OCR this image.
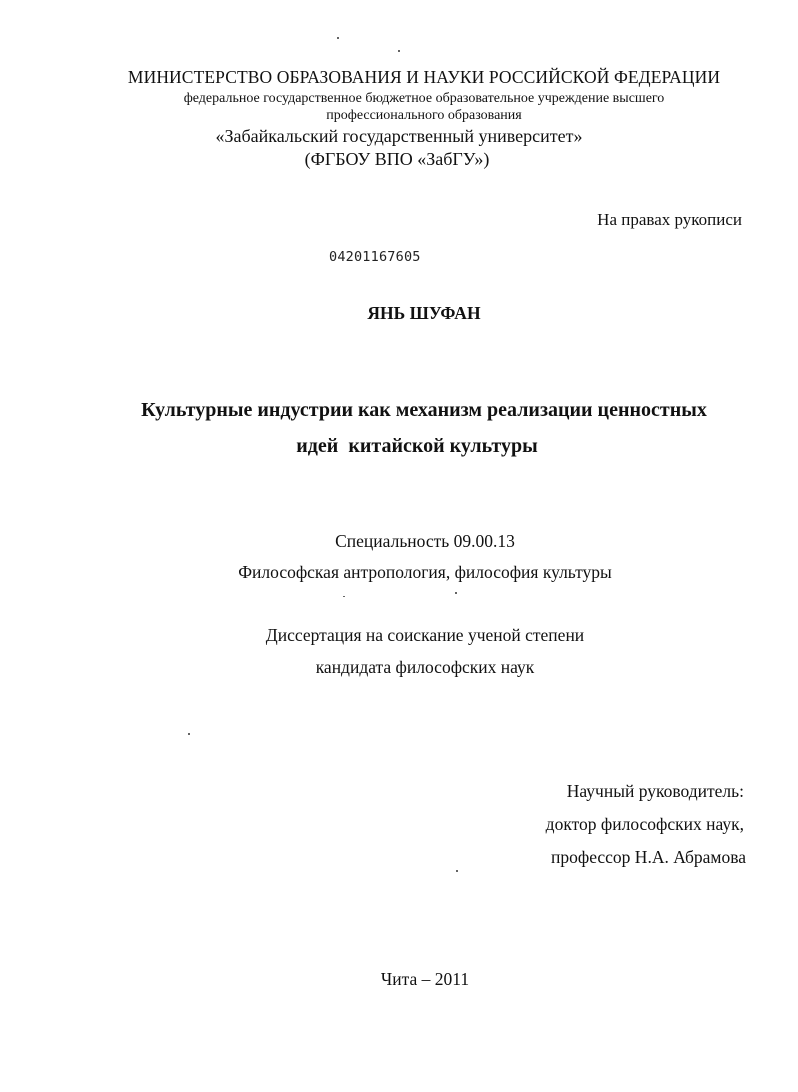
МИНИСТЕРСТВО ОБРАЗОВАНИЯ И НАУКИ РОССИЙСКОЙ ФЕДЕРАЦИИ
федеральное государственное бюджетное образовательное учреждение высшего
профессионального образования
«Забайкальский государственный университет»
(ФГБОУ ВПО «ЗабГУ»)
На правах рукописи
04201167605
ЯНЬ ШУФАН
Культурные индустрии как механизм реализации ценностных
идей  китайской культуры
Специальность 09.00.13
Философская антропология, философия культуры
Диссертация на соискание ученой степени
кандидата философских наук
Научный руководитель:
доктор философских наук,
профессор Н.А. Абрамова
Чита – 2011
